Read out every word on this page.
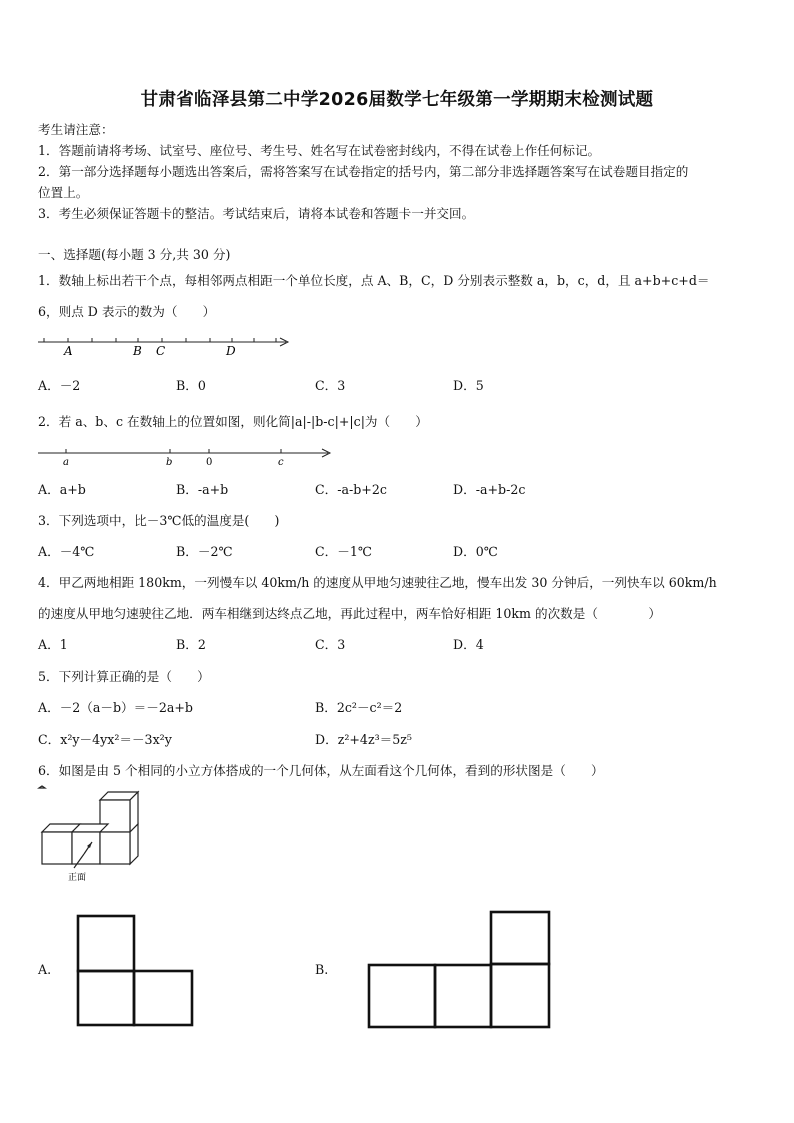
甘肃省临泽县第二中学2026届数学七年级第一学期期末检测试题
考生请注意：
1．答题前请将考场、试室号、座位号、考生号、姓名写在试卷密封线内，不得在试卷上作任何标记。
2．第一部分选择题每小题选出答案后，需将答案写在试卷指定的括号内，第二部分非选择题答案写在试卷题目指定的
位置上。
3．考生必须保证答题卡的整洁。考试结束后，请将本试卷和答题卡一并交回。
一、选择题(每小题 3 分,共 30 分)
1．数轴上标出若干个点，每相邻两点相距一个单位长度，点 A、B，C，D 分别表示整数 a，b，c，d，且 a+b+c+d＝
6，则点 D 表示的数为（　　）
A	B C	D
A．－2	B．0	C．3	D．5
2．若 a、b、c 在数轴上的位置如图，则化简|a|-|b-c|+|c|为（　　）
a	b	0	c
A．a+b	B．-a+b	C．-a-b+2c	D．-a+b-2c
3．下列选项中，比－3℃低的温度是(　　)
A．－4℃	B．－2℃	C．－1℃	D．0℃
4．甲乙两地相距 180km，一列慢车以 40km/h 的速度从甲地匀速驶往乙地，慢车出发 30 分钟后，一列快车以 60km/h
的速度从甲地匀速驶往乙地．两车相继到达终点乙地，再此过程中，两车恰好相距 10km 的次数是（　　　　）
A．1	B．2	C．3	D．4
5．下列计算正确的是（　　）
A．－2（a－b）＝－2a+b	B．2c²－c²＝2
C．x²y－4yx²＝－3x²y	D．z²+4z³＝5z⁵
6．如图是由 5 个相同的小立方体搭成的一个几何体，从左面看这个几何体，看到的形状图是（　　）
正面
A.	B.
